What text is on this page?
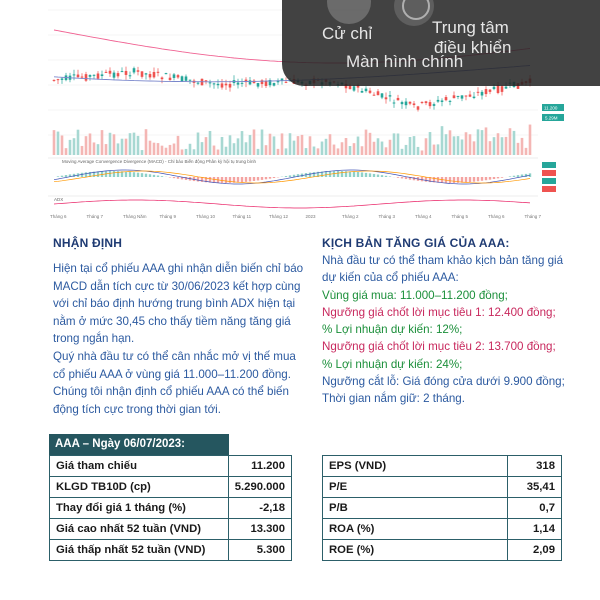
Tháng 6	Tháng 7	Tháng Năm	Tháng 9	Tháng 10	Tháng 11	Tháng 12	2023	Tháng 2	Tháng 3	Tháng 4	Tháng 5	Tháng 6	Tháng 7
11.200
5.29M
Moving Average Convergence Divergence (MACD) - Chỉ báo Biến động Phân kỳ hội tụ trung bình
ADX
Cử chỉ	Trung tâm
điều khiển
Màn hình chính
NHẬN ĐỊNH
Hiện tại cổ phiếu AAA ghi nhận diễn biến chỉ báo
MACD dẫn tích cực từ 30/06/2023 kết hợp cùng
với chỉ báo định hướng trung bình ADX hiện tại
nằm ở mức 30,45 cho thấy tiềm năng tăng giá
trong ngắn hạn.
Quý nhà đầu tư có thể cân nhắc mở vị thế mua
cổ phiếu AAA ở vùng giá 11.000–11.200 đồng.
Chúng tôi nhận định cổ phiếu AAA có thể biến
động tích cực trong thời gian tới.
KỊCH BẢN TĂNG GIÁ CỦA AAA:
Nhà đầu tư có thể tham khảo kịch bản tăng giá
dự kiến của cổ phiếu AAA:
Vùng giá mua: 11.000–11.200 đồng;
Ngưỡng giá chốt lời mục tiêu 1: 12.400 đồng;
% Lợi nhuận dự kiến: 12%;
Ngưỡng giá chốt lời mục tiêu 2: 13.700 đồng;
% Lợi nhuận dự kiến: 24%;
Ngưỡng cắt lỗ: Giá đóng cửa dưới 9.900 đồng;
Thời gian nắm giữ: 2 tháng.
AAA – Ngày 06/07/2023:
Giá tham chiếu	11.200
KLGD TB10D (cp)	5.290.000
Thay đổi giá 1 tháng (%)	-2,18
Giá cao nhất 52 tuần (VND)	13.300
Giá thấp nhất 52 tuần (VND)	5.300
EPS (VND)	318
P/E	35,41
P/B	0,7
ROA (%)	1,14
ROE (%)	2,09
